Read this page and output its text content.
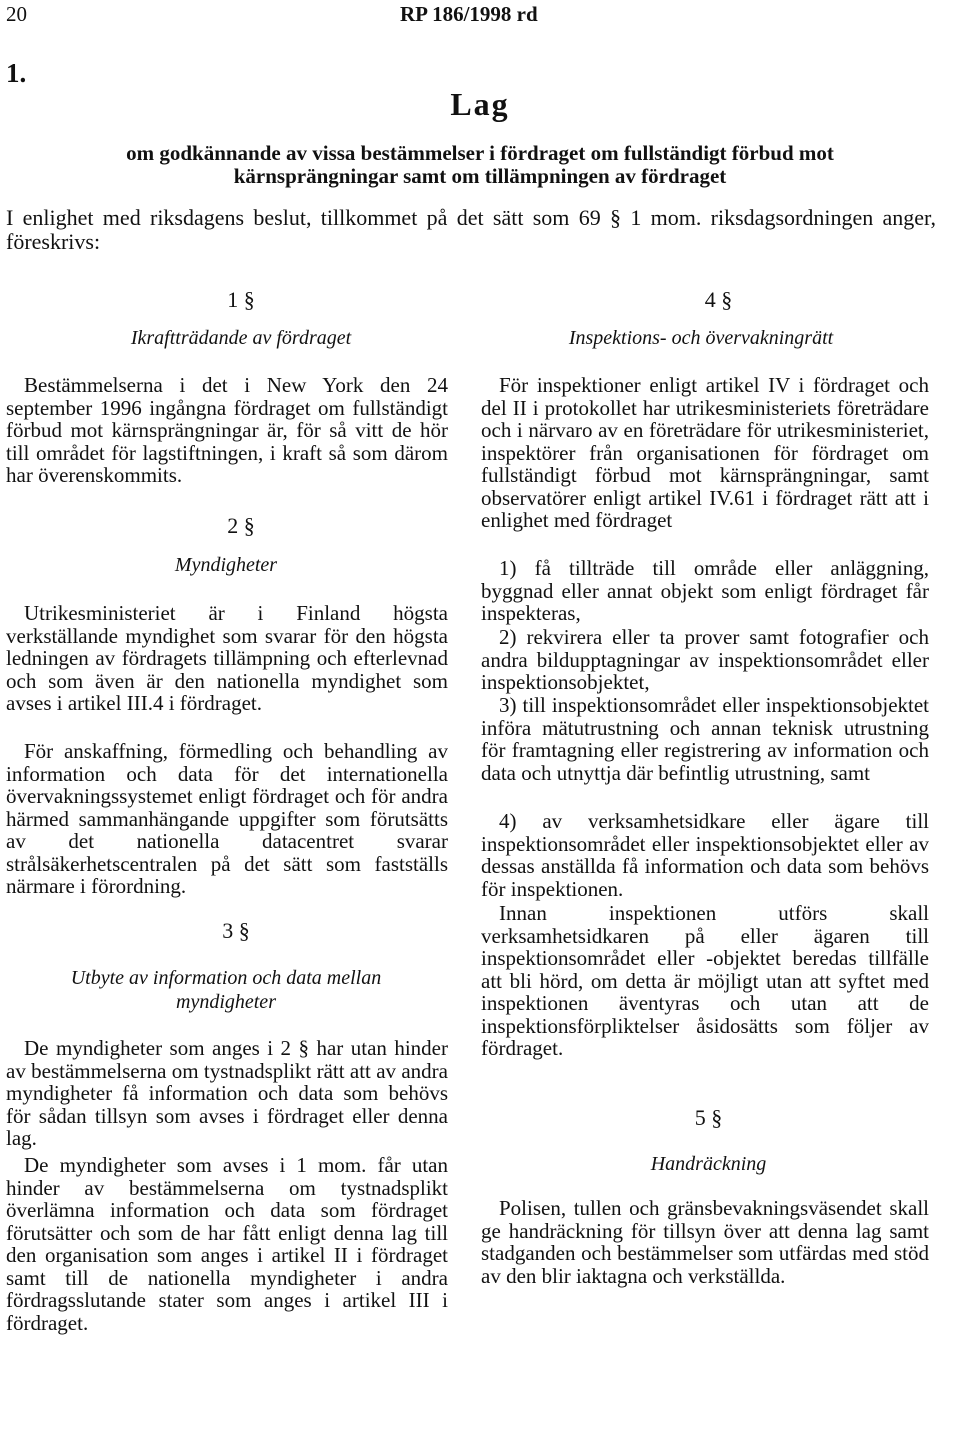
20	RP 186/1998 rd
1.
Lag
om godkännande av vissa bestämmelser i fördraget om fullständigt förbud mot kärnsprängningar samt om tillämpningen av fördraget
I enlighet med riksdagens beslut, tillkommet på det sätt som 69 § 1 mom. riksdagsordningen anger, föreskrivs:
1 §
Ikraftträdande av fördraget

Bestämmelserna i det i New York den 24 september 1996 ingångna fördraget om fullständigt förbud mot kärnsprängningar är, för så vitt de hör till området för lagstiftningen, i kraft så som därom har överenskommits.

2 §
Myndigheter

Utrikesministeriet är i Finland högsta verkställande myndighet som svarar för den högsta ledningen av fördragets tillämpning och efterlevnad och som även är den nationella myndighet som avses i artikel III.4 i fördraget.

För anskaffning, förmedling och behandling av information och data för det internationella övervakningssystemet enligt fördraget och för andra härmed sammanhängande uppgifter som förutsätts av det nationella datacentret svarar strålsäkerhetscentralen på det sätt som fastställs närmare i förordning.

3 §
Utbyte av information och data mellan myndigheter

De myndigheter som anges i 2 § har utan hinder av bestämmelserna om tystnadsplikt rätt att av andra myndigheter få information och data som behövs för sådan tillsyn som avses i fördraget eller denna lag.

De myndigheter som avses i 1 mom. får utan hinder av bestämmelserna om tystnadsplikt överlämna information och data som fördraget förutsätter och som de har fått enligt denna lag till den organisation som anges i artikel II i fördraget samt till de nationella myndigheter i andra fördragsslutande stater som anges i artikel III i fördraget.

4 §
Inspektions- och övervakningrätt

För inspektioner enligt artikel IV i fördraget och del II i protokollet har utrikesministeriets företrädare och i närvaro av en företrädare för utrikesministeriet, inspektörer från organisationen för fördraget om fullständigt förbud mot kärnsprängningar, samt observatörer enligt artikel IV.61 i fördraget rätt att i enlighet med fördraget

1) få tillträde till område eller anläggning, byggnad eller annat objekt som enligt fördraget får inspekteras,

2) rekvirera eller ta prover samt fotografier och andra bildupptagningar av inspektionsområdet eller inspektionsobjektet,

3) till inspektionsområdet eller inspektionsobjektet införa mätutrustning och annan teknisk utrustning för framtagning eller registrering av information och data och utnyttja där befintlig utrustning, samt

4) av verksamhetsidkare eller ägare till inspektionsområdet eller inspektionsobjektet eller av dessas anställda få information och data som behövs för inspektionen.

Innan inspektionen utförs skall verksamhetsidkaren på eller ägaren till inspektionsområdet eller -objektet beredas tillfälle att bli hörd, om detta är möjligt utan att syftet med inspektionen äventyras och utan att de inspektionsförpliktelser åsidosätts som följer av fördraget.

5 §
Handräckning

Polisen, tullen och gränsbevakningsväsendet skall ge handräckning för tillsyn över att denna lag samt stadganden och bestämmelser som utfärdas med stöd av den blir iaktagna och verkställda.
